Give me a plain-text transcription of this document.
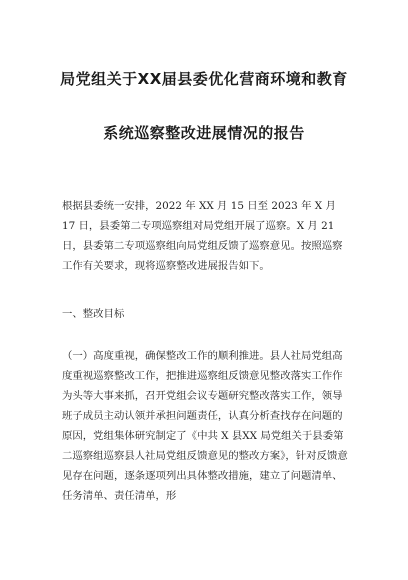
局党组关于XX届县委优化营商环境和教育
系统巡察整改进展情况的报告

根据县委统一安排，2022 年 XX 月 15 日至 2023 年 X 月 17 日，县委第二专项巡察组对局党组开展了巡察。X 月 21 日，县委第二专项巡察组向局党组反馈了巡察意见。按照巡察工作有关要求，现将巡察整改进展报告如下。

一、整改目标

（一）高度重视，确保整改工作的顺利推进。县人社局党组高度重视巡察整改工作，把推进巡察组反馈意见整改落实工作作为头等大事来抓，召开党组会议专题研究整改落实工作，领导班子成员主动认领并承担问题责任，认真分析查找存在问题的原因，党组集体研究制定了《中共 X 县XX 局党组关于县委第二巡察组巡察县人社局党组反馈意见的整改方案》，针对反馈意见存在问题，逐条逐项列出具体整改措施，建立了问题清单、任务清单、责任清单，形
